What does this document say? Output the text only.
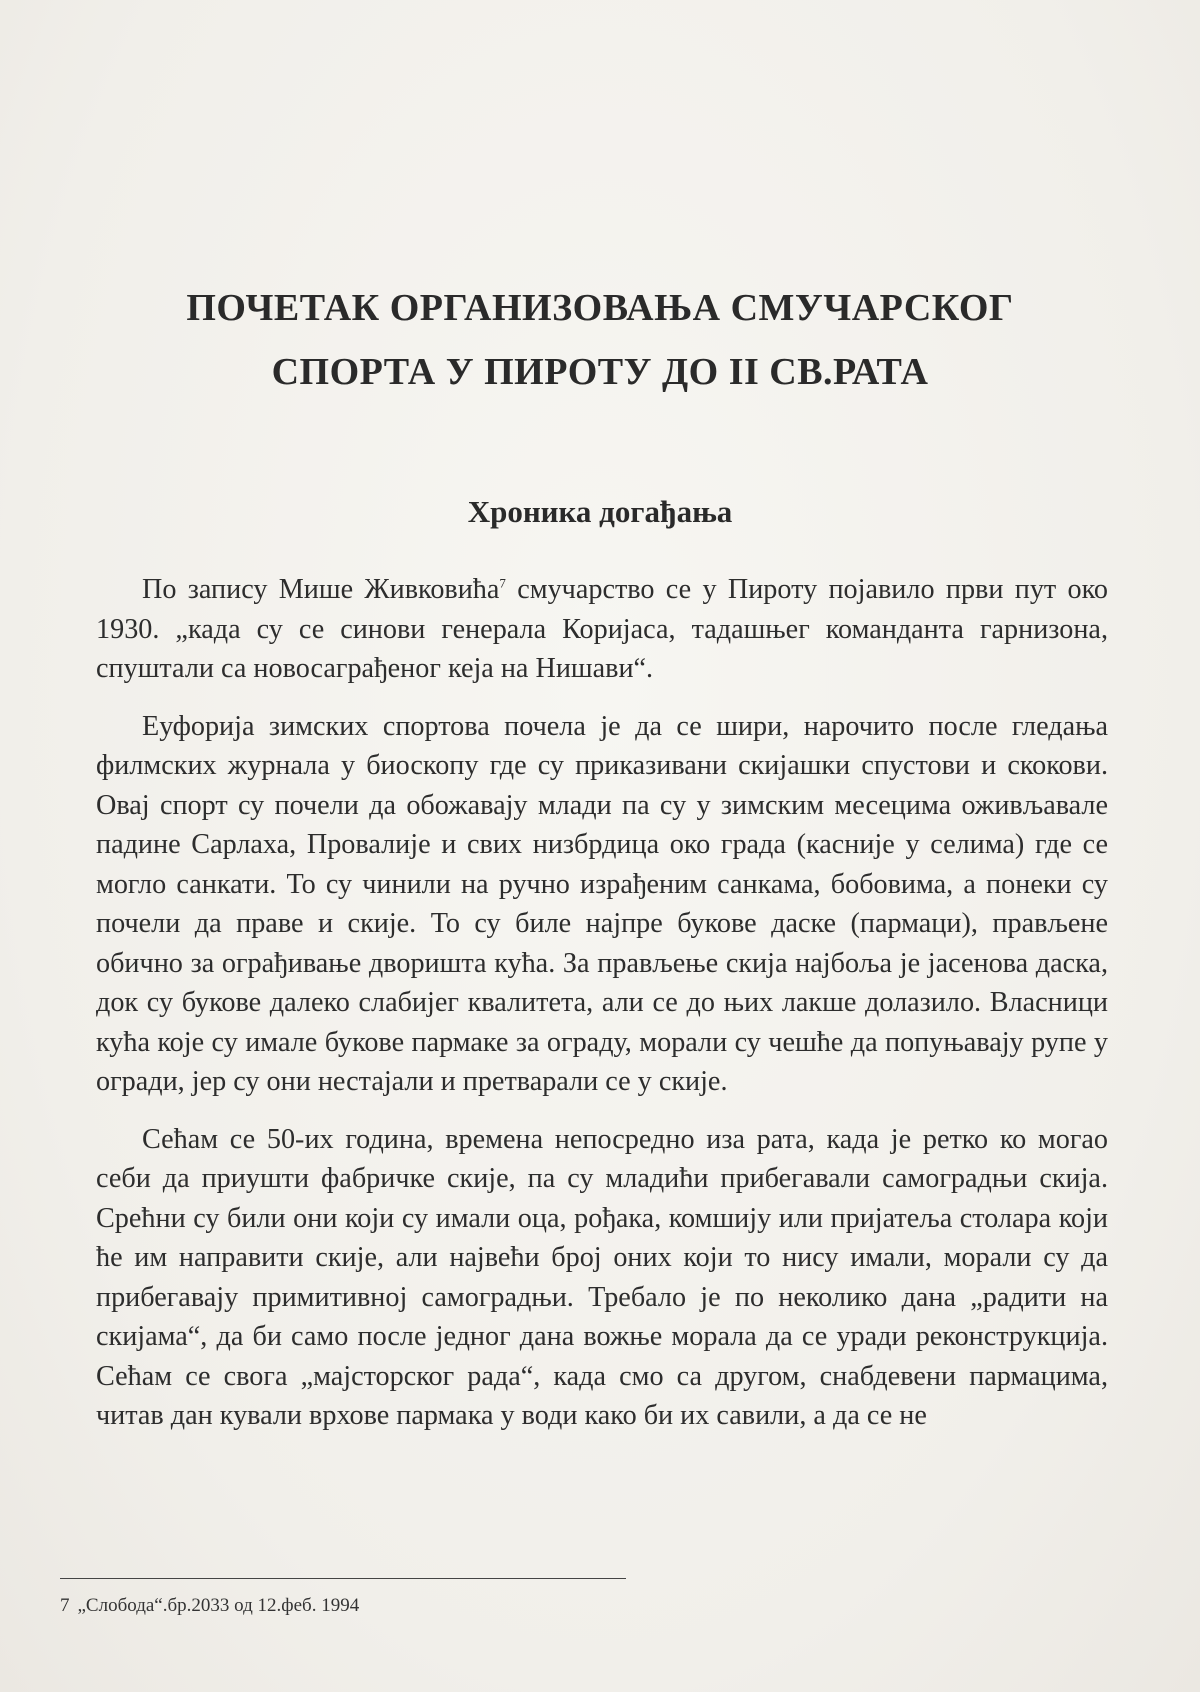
ПОЧЕТАК ОРГАНИЗОВАЊА СМУЧАРСКОГ
СПОРТА У ПИРОТУ ДО II СВ.РАТА
Хроника догађања

По запису Мише Живковића$^7$ смучарство се у Пироту појавило први пут око 1930. „када су се синови генерала Коријаса, тадашњег команданта гарнизона, спуштали са новосаграђеног кеја на Нишави“.

Еуфорија зимских спортова почела је да се шири, нарочито после гледања филмских журнала у биоскопу где су приказивани скијашки спустови и скокови. Овај спорт су почели да обожавају млади па су у зимским месецима оживљавале падине Сарлаха, Провалије и свих низбрдица око града (касније у селима) где се могло санкати. То су чинили на ручно израђеним санкама, бобовима, а понеки су почели да праве и скије. То су биле најпре букове даске (пармаци), прављене обично за ограђивање дворишта кућа. За прављење скија најбоља је јасенова даска, док су букове далеко слабијег квалитета, али се до њих лакше долазило. Власници кућа које су имале букове пармаке за ограду, морали су чешће да попуњавају рупе у огради, јер су они нестајали и претварали се у скије.

Сећам се 50-их година, времена непосредно иза рата, када је ретко ко могао себи да приушти фабричке скије, па су младићи прибегавали самоградњи скија. Срећни су били они који су имали оца, рођака, комшију или пријатеља столара који ће им направити скије, али највећи број оних који то нису имали, морали су да прибегавају примитивној самоградњи. Требало је по неколико дана „радити на скијама“, да би само после једног дана вожње морала да се уради реконструкција. Сећам се свога „мајсторског рада“, када смо са другом, снабдевени пармацима, читав дан кували врхове пармака у води како би их савили, а да се не

7 „Слобода“.бр.2033 од 12.феб. 1994
